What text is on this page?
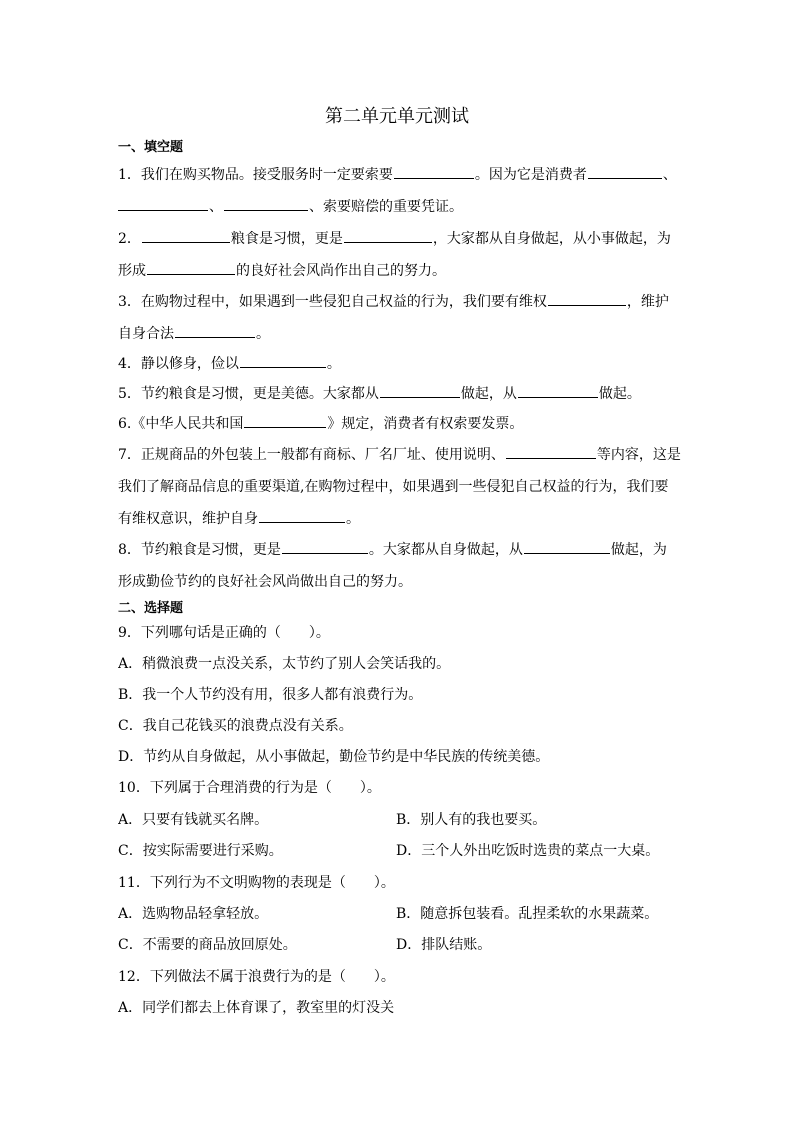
第二单元单元测试
一、填空题
1．我们在购买物品。接受服务时一定要索要	。因为它是消费者	、
、	、索要赔偿的重要凭证。
2．	粮食是习惯，更是	，大家都从自身做起，从小事做起，为
形成	的良好社会风尚作出自己的努力。
3．在购物过程中，如果遇到一些侵犯自己权益的行为，我们要有维权	，维护
自身合法	。
4．静以修身，俭以	。
5．节约粮食是习惯，更是美德。大家都从	做起，从	做起。
6.《中华人民共和国	》规定，消费者有权索要发票。
7．正规商品的外包装上一般都有商标、厂名厂址、使用说明、	等内容，这是
我们了解商品信息的重要渠道,在购物过程中，如果遇到一些侵犯自己权益的行为，我们要
有维权意识，维护自身	。
8．节约粮食是习惯，更是	。大家都从自身做起，从	做起，为
形成勤俭节约的良好社会风尚做出自己的努力。
二、选择题
9．下列哪句话是正确的（　　）。
A．稍微浪费一点没关系，太节约了别人会笑话我的。
B．我一个人节约没有用，很多人都有浪费行为。
C．我自己花钱买的浪费点没有关系。
D．节约从自身做起，从小事做起，勤俭节约是中华民族的传统美德。
10．下列属于合理消费的行为是（　　）。
A．只要有钱就买名牌。	B．别人有的我也要买。
C．按实际需要进行采购。	D．三个人外出吃饭时选贵的菜点一大桌。
11．下列行为不文明购物的表现是（　　）。
A．选购物品轻拿轻放。	B．随意拆包装看。乱捏柔软的水果蔬菜。
C．不需要的商品放回原处。	D．排队结账。
12．下列做法不属于浪费行为的是（　　）。
A．同学们都去上体育课了，教室里的灯没关
